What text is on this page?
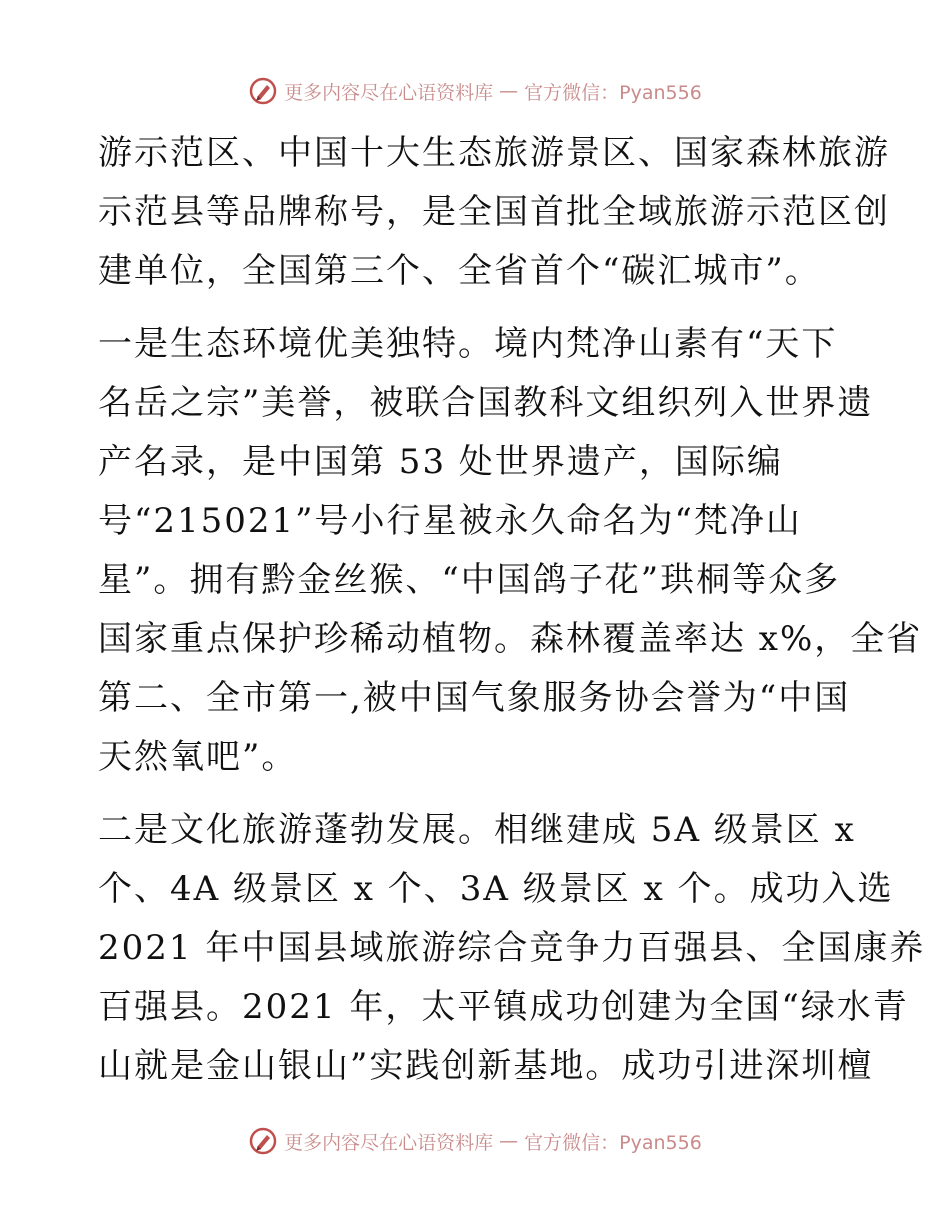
更多内容尽在心语资料库 — 官方微信：Pyan556
游示范区、中国十大生态旅游景区、国家森林旅游
示范县等品牌称号，是全国首批全域旅游示范区创
建单位，全国第三个、全省首个“碳汇城市”。
一是生态环境优美独特。境内梵净山素有“天下
名岳之宗”美誉，被联合国教科文组织列入世界遗
产名录，是中国第 53 处世界遗产，国际编
号“215021”号小行星被永久命名为“梵净山
星”。拥有黔金丝猴、“中国鸽子花”珙桐等众多
国家重点保护珍稀动植物。森林覆盖率达 x%，全省
第二、全市第一,被中国气象服务协会誉为“中国
天然氧吧”。
二是文化旅游蓬勃发展。相继建成 5A 级景区 x
个、4A 级景区 x 个、3A 级景区 x 个。成功入选
2021 年中国县域旅游综合竞争力百强县、全国康养
百强县。2021 年，太平镇成功创建为全国“绿水青
山就是金山银山”实践创新基地。成功引进深圳檀
更多内容尽在心语资料库 — 官方微信：Pyan556
